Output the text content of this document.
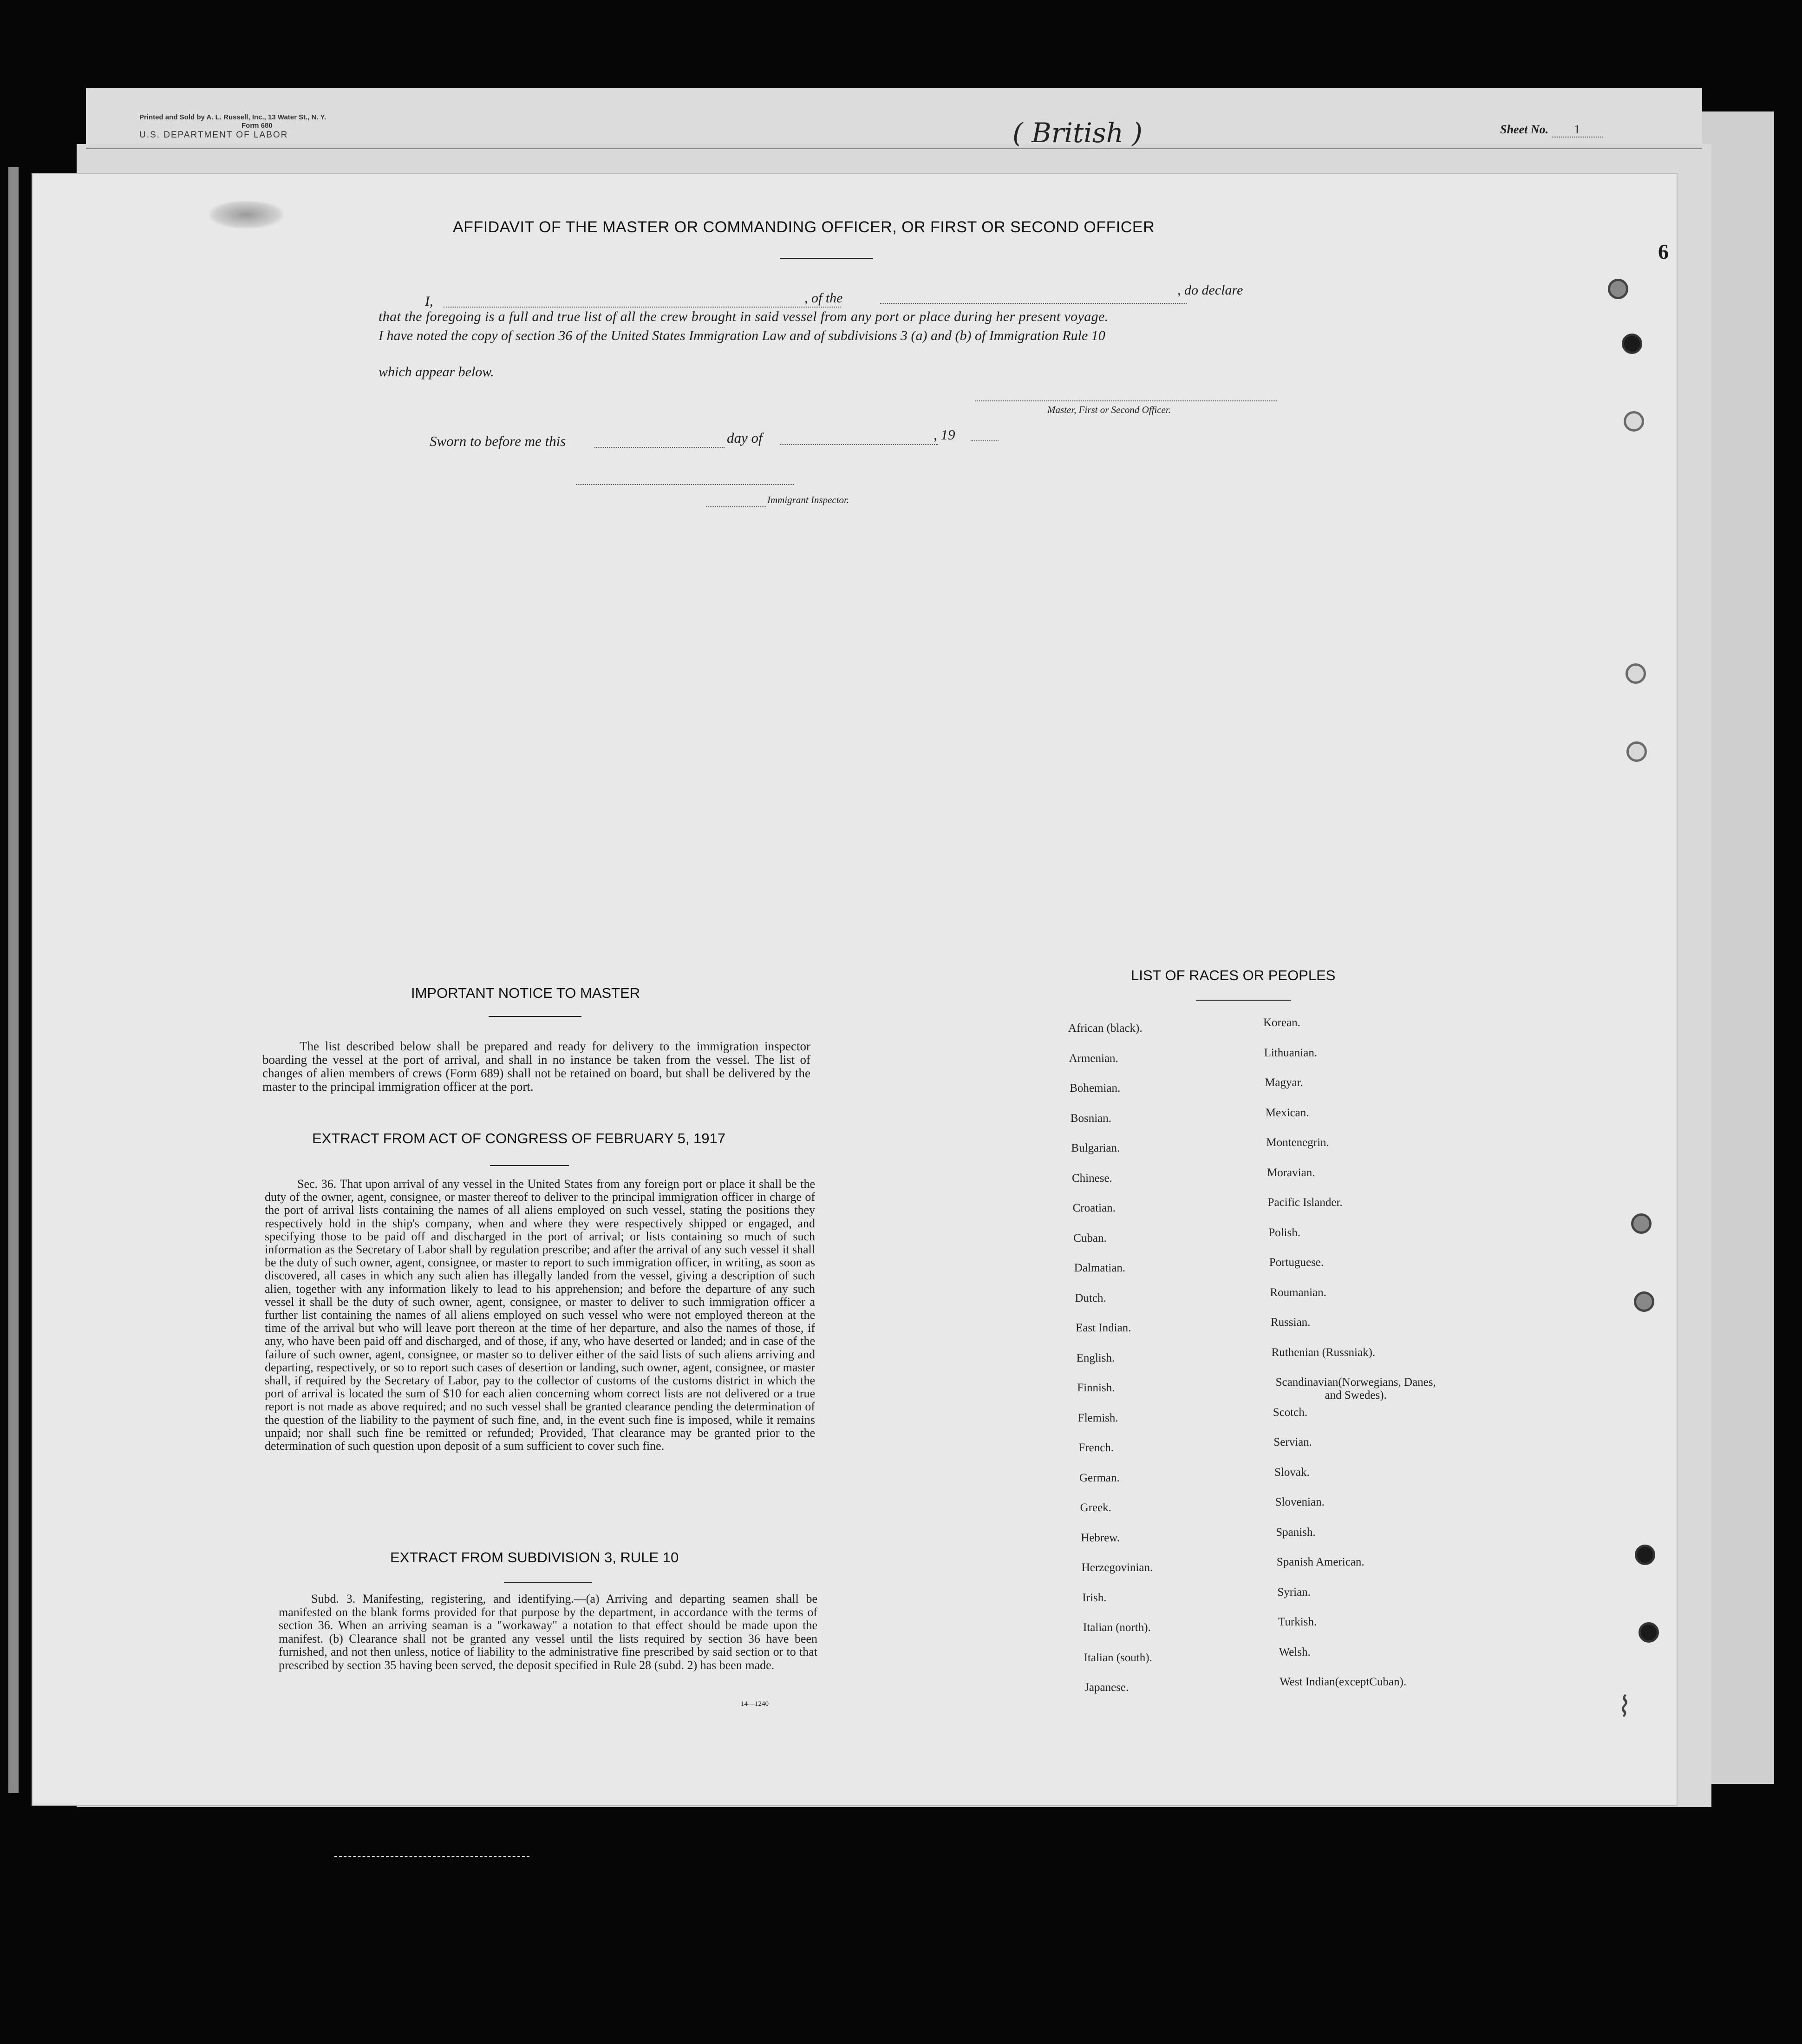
Printed and Sold by A. L. Russell, Inc., 13 Water St., N. Y.
Form 680
U.S. DEPARTMENT OF LABOR	( British )	Sheet No. 1
6
AFFIDAVIT OF THE MASTER OR COMMANDING OFFICER, OR FIRST OR SECOND OFFICER
I,	, of the
, do declare
that the foregoing is a full and true list of all the crew brought in said vessel from any port or place during her present voyage.
I have noted the copy of section 36 of the United States Immigration Law and of subdivisions 3 (a) and (b) of Immigration Rule 10
which appear below.
Master, First or Second Officer.
Sworn to before me this	day of	, 19
Immigrant Inspector.
IMPORTANT NOTICE TO MASTER
The list described below shall be prepared and ready for delivery to the immigration inspector boarding the vessel at the port of arrival, and shall in no instance be taken from the vessel. The list of changes of alien members of crews (Form 689) shall not be retained on board, but shall be delivered by the master to the principal immigration officer at the port.
EXTRACT FROM ACT OF CONGRESS OF FEBRUARY 5, 1917
Sec. 36. That upon arrival of any vessel in the United States from any foreign port or place it shall be the duty of the owner, agent, consignee, or master thereof to deliver to the principal immigration officer in charge of the port of arrival lists containing the names of all aliens employed on such vessel, stating the positions they respectively hold in the ship's company, when and where they were respectively shipped or engaged, and specifying those to be paid off and discharged in the port of arrival; or lists containing so much of such information as the Secretary of Labor shall by regulation prescribe; and after the arrival of any such vessel it shall be the duty of such owner, agent, consignee, or master to report to such immigration officer, in writing, as soon as discovered, all cases in which any such alien has illegally landed from the vessel, giving a description of such alien, together with any information likely to lead to his apprehension; and before the departure of any such vessel it shall be the duty of such owner, agent, consignee, or master to deliver to such immigration officer a further list containing the names of all aliens employed on such vessel who were not employed thereon at the time of the arrival but who will leave port thereon at the time of her departure, and also the names of those, if any, who have been paid off and discharged, and of those, if any, who have deserted or landed; and in case of the failure of such owner, agent, consignee, or master so to deliver either of the said lists of such aliens arriving and departing, respectively, or so to report such cases of desertion or landing, such owner, agent, consignee, or master shall, if required by the Secretary of Labor, pay to the collector of customs of the customs district in which the port of arrival is located the sum of $10 for each alien concerning whom correct lists are not delivered or a true report is not made as above required; and no such vessel shall be granted clearance pending the determination of the question of the liability to the payment of such fine, and, in the event such fine is imposed, while it remains unpaid; nor shall such fine be remitted or refunded; Provided, That clearance may be granted prior to the determination of such question upon deposit of a sum sufficient to cover such fine.
EXTRACT FROM SUBDIVISION 3, RULE 10
Subd. 3. Manifesting, registering, and identifying.—(a) Arriving and departing seamen shall be manifested on the blank forms provided for that purpose by the department, in accordance with the terms of section 36. When an arriving seaman is a "workaway" a notation to that effect should be made upon the manifest. (b) Clearance shall not be granted any vessel until the lists required by section 36 have been furnished, and not then unless, notice of liability to the administrative fine prescribed by said section or to that prescribed by section 35 having been served, the deposit specified in Rule 28 (subd. 2) has been made.
14—1240
LIST OF RACES OR PEOPLES
African (black).
Armenian.
Bohemian.
Bosnian.
Bulgarian.
Chinese.
Croatian.
Cuban.
Dalmatian.
Dutch.
East Indian.
English.
Finnish.
Flemish.
French.
German.
Greek.
Hebrew.
Herzegovinian.
Irish.
Italian (north).
Italian (south).
Japanese.
Korean.
Lithuanian.
Magyar.
Mexican.
Montenegrin.
Moravian.
Pacific Islander.
Polish.
Portuguese.
Roumanian.
Russian.
Ruthenian (Russniak).
Scandinavian(Norwegians, Danes, and Swedes).
Scotch.
Servian.
Slovak.
Slovenian.
Spanish.
Spanish American.
Syrian.
Turkish.
Welsh.
West Indian(exceptCuban).
⌇
